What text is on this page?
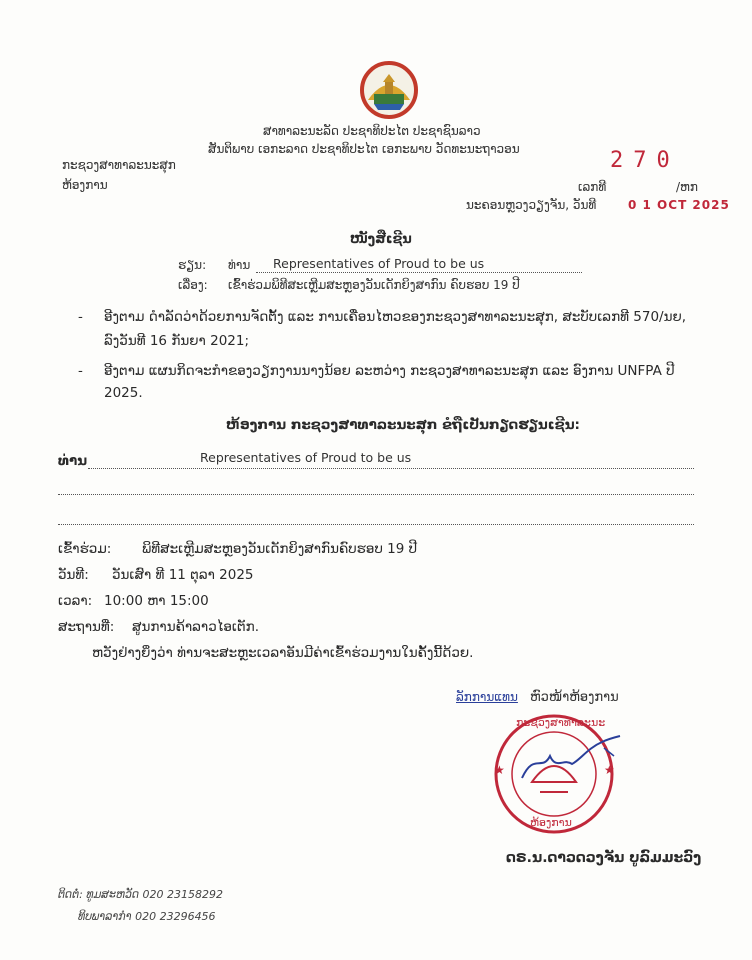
ສາທາລະນະລັດ ປະຊາທິປະໄຕ ປະຊາຊົນລາວ
ສັນຕິພາບ ເອກະລາດ ປະຊາທິປະໄຕ ເອກະພາບ ວັດທະນະຖາວອນ
ກະຊວງສາທາລະນະສຸກ
ຫ້ອງການ
270
ເລກທີ	/ຫກ
ນະຄອນຫຼວງວຽງຈັນ, ວັນທີ	0 1 OCT 2025
ໜັງສືເຊີນ
ຮຽນ: ທ່ານ Representatives of Proud to be us
ເລື່ອງ: ເຂົ້າຮ່ວມພິທີສະເຫຼີມສະຫຼອງວັນເດັກຍິງສາກົນ ຄົບຮອບ 19 ປີ
- ອີງຕາມ ດຳລັດວ່າດ້ວຍການຈັດຕັ້ງ ແລະ ການເຄື່ອນໄຫວຂອງກະຊວງສາທາລະນະສຸກ, ສະບັບເລກທີ 570/ນຍ,
ລົງວັນທີ 16 ກັນຍາ 2021;
- ອີງຕາມ ແຜນກິດຈະກຳຂອງວຽກງານນາງນ້ອຍ ລະຫວ່າງ ກະຊວງສາທາລະນະສຸກ ແລະ ອົງການ UNFPA ປີ
2025.
ຫ້ອງການ ກະຊວງສາທາລະນະສຸກ ຂໍຖືເປັນກຽດຮຽນເຊີນ:
ທ່ານ	Representatives of Proud to be us
ເຂົ້າຮ່ວມ: ພິທີສະເຫຼີມສະຫຼອງວັນເດັກຍິງສາກົນຄົບຮອບ 19 ປີ
ວັນທີ: ວັນເສົາ ທີ 11 ຕຸລາ 2025
ເວລາ: 10:00 ຫາ 15:00
ສະຖານທີ່: ສູນການຄ້າລາວໄອເຕັກ.
ຫວັງຢ່າງຍິ່ງວ່າ ທ່ານຈະສະຫຼະເວລາອັນມີຄ່າເຂົ້າຮ່ວມງານໃນຄັ້ງນີ້ດ້ວຍ.
ລັກການແທນ ຫົວໜ້າຫ້ອງການ
★	★
ກະຊວງສາທາລະນະ
ຫ້ອງການ
ດຣ.ນ.ດາວດວງຈັນ ບູລົມມະວົງ
ຕິດຕໍ່: ທູມສະຫວັດ 020 23158292
ທິບພາລາກຳ 020 23296456
